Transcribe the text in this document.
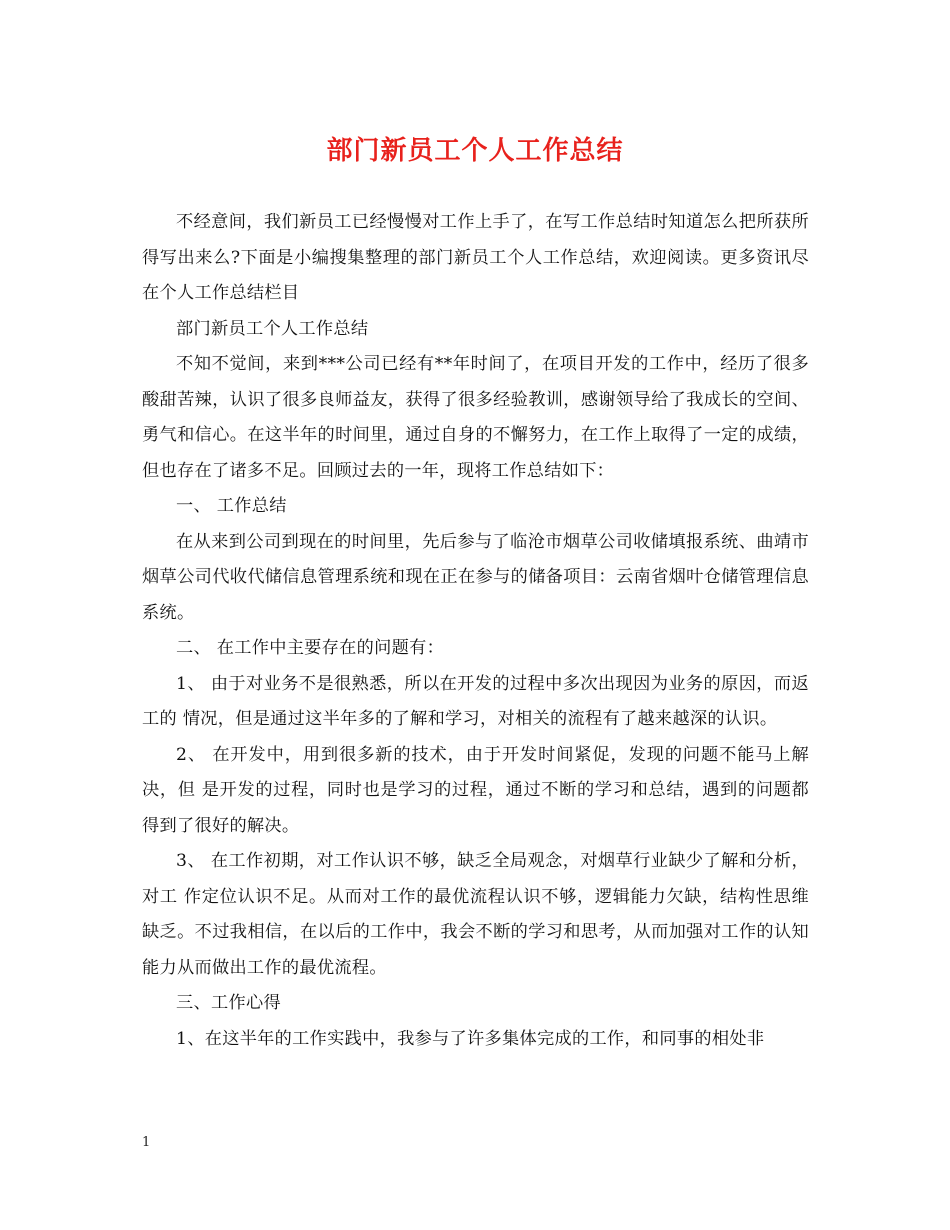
部门新员工个人工作总结

不经意间，我们新员工已经慢慢对工作上手了，在写工作总结时知道怎么把所获所得写出来么?下面是小编搜集整理的部门新员工个人工作总结，欢迎阅读。更多资讯尽在个人工作总结栏目

部门新员工个人工作总结

不知不觉间，来到***公司已经有**年时间了，在项目开发的工作中，经历了很多酸甜苦辣，认识了很多良师益友，获得了很多经验教训，感谢领导给了我成长的空间、勇气和信心。在这半年的时间里，通过自身的不懈努力，在工作上取得了一定的成绩，但也存在了诸多不足。回顾过去的一年，现将工作总结如下：

一、 工作总结

在从来到公司到现在的时间里，先后参与了临沧市烟草公司收储填报系统、曲靖市烟草公司代收代储信息管理系统和现在正在参与的储备项目：云南省烟叶仓储管理信息系统。

二、 在工作中主要存在的问题有：

1、 由于对业务不是很熟悉，所以在开发的过程中多次出现因为业务的原因，而返工的 情况，但是通过这半年多的了解和学习，对相关的流程有了越来越深的认识。

2、 在开发中，用到很多新的技术，由于开发时间紧促，发现的问题不能马上解决，但 是开发的过程，同时也是学习的过程，通过不断的学习和总结，遇到的问题都得到了很好的解决。

3、 在工作初期，对工作认识不够，缺乏全局观念，对烟草行业缺少了解和分析，对工 作定位认识不足。从而对工作的最优流程认识不够，逻辑能力欠缺，结构性思维缺乏。不过我相信，在以后的工作中，我会不断的学习和思考，从而加强对工作的认知能力从而做出工作的最优流程。

三、工作心得

1、在这半年的工作实践中，我参与了许多集体完成的工作，和同事的相处非

1
